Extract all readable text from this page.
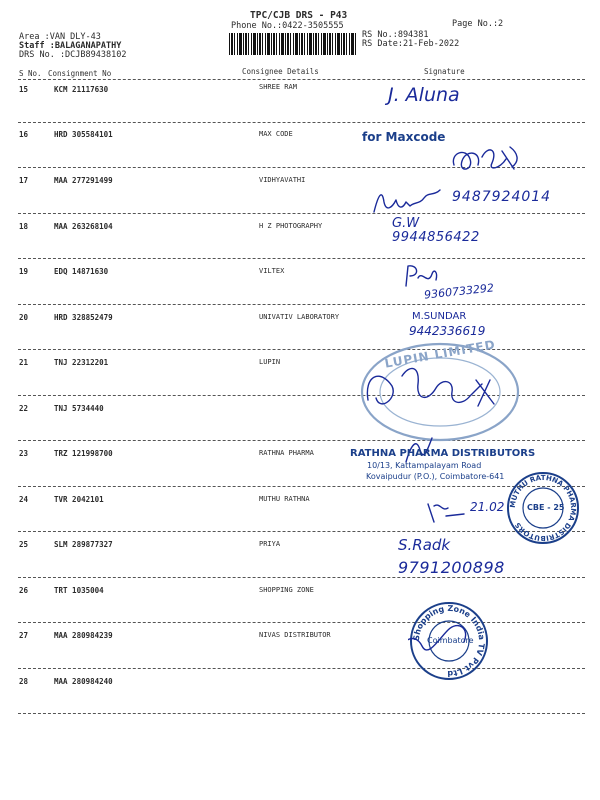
TPC/CJB DRS - P43
Phone No.:0422-3505555	Page No.:2
Area :VAN DLY-43
Staff :BALAGANAPATHY
DRS No. :DCJB89438102
RS No.:894381
RS Date:21-Feb-2022
S No. Consignment No	Consignee Details	Signature
15	KCM 21117630	SHREE RAM
16	HRD 305584101	MAX CODE
17	MAA 277291499	VIDHYAVATHI
18	MAA 263268104	H Z PHOTOGRAPHY
19	EDQ 14871630	VILTEX
20	HRD 328852479	UNIVATIV LABORATORY
21	TNJ 22312201	LUPIN
22	TNJ 5734440
23	TRZ 121998700	RATHNA PHARMA
24	TVR 2042101	MUTHU RATHNA
25	SLM 289877327	PRIYA
26	TRT 1035004	SHOPPING ZONE
27	MAA 280984239	NIVAS DISTRIBUTOR
28	MAA 280984240
J. Aluna
for Maxcode
9487924014
G.W
9944856422
9360733292
M.SUNDAR
9442336619
LUPIN LIMITED
RATHNA PHARMA DISTRIBUTORS
10/13, Kattampalayam Road
Kovaipudur (P.O.), Coimbatore-641
MUTHU RATHNA PHARMA DISTRIBUTORS
CBE - 25
21.02
S.Radk
9791200898
Shopping Zone India TV Pvt Ltd
Coimbatore
